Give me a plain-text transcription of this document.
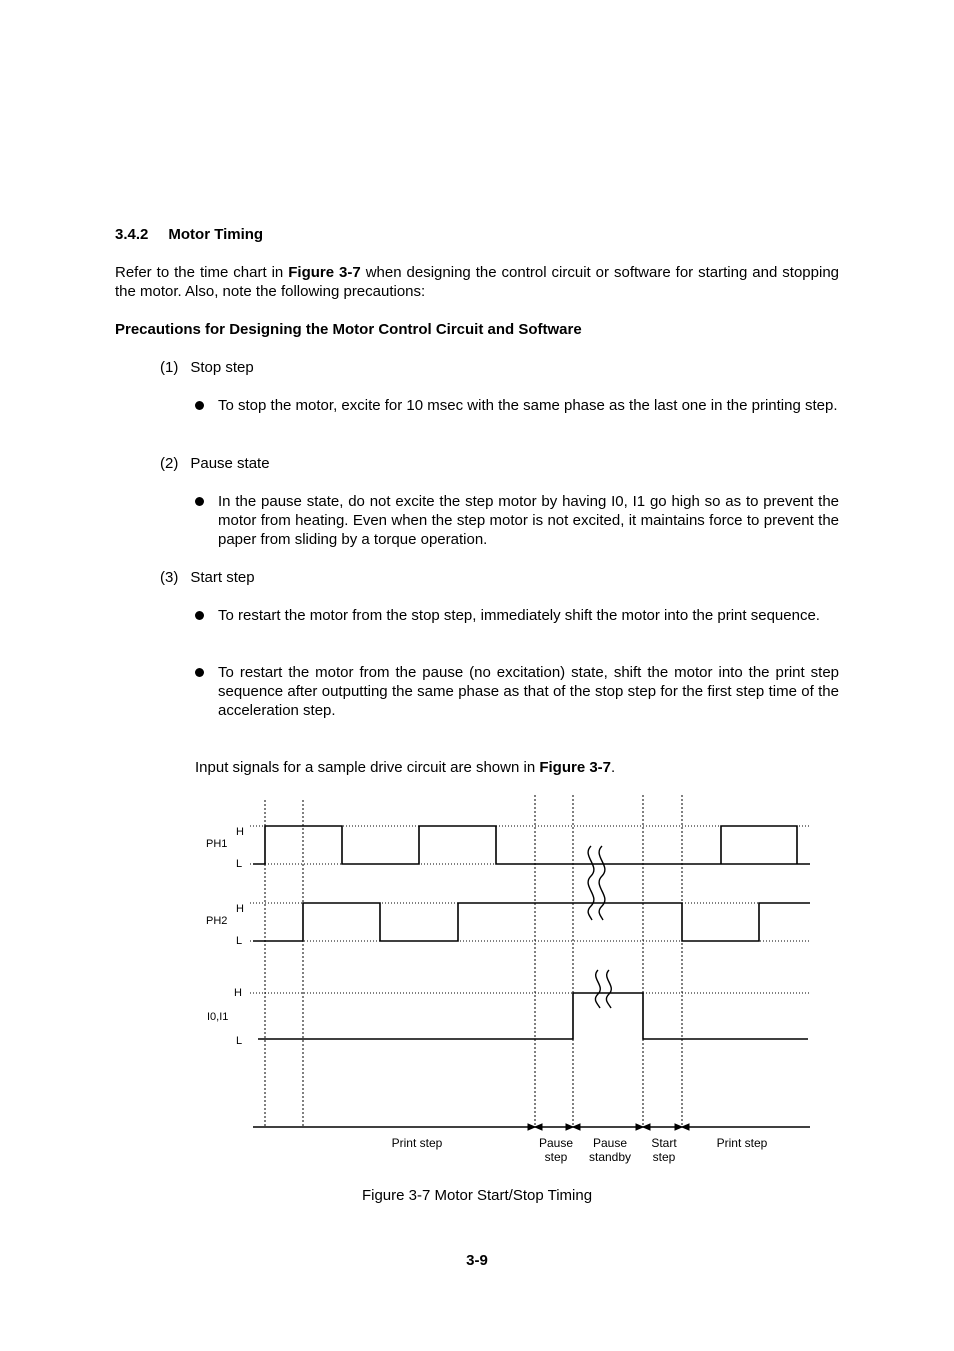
3.4.2 Motor Timing
Refer to the time chart in Figure 3-7 when designing the control circuit or software for starting and stopping the motor. Also, note the following precautions:
Precautions for Designing the Motor Control Circuit and Software
(1) Stop step
To stop the motor, excite for 10 msec with the same phase as the last one in the printing step.
(2) Pause state
In the pause state, do not excite the step motor by having I0, I1 go high so as to prevent the motor from heating. Even when the step motor is not excited, it maintains force to prevent the paper from sliding by a torque operation.
(3) Start step
To restart the motor from the stop step, immediately shift the motor into the print sequence.
To restart the motor from the pause (no excitation) state, shift the motor into the print step sequence after outputting the same phase as that of the stop step for the first step time of the acceleration step.
Input signals for a sample drive circuit are shown in Figure 3-7.
H
PH1
L
H
PH2
L
H
I0,I1
L
Print step	Pause
step
Pause
standby
Start
step
Print step
Figure 3-7 Motor Start/Stop Timing
3-9
